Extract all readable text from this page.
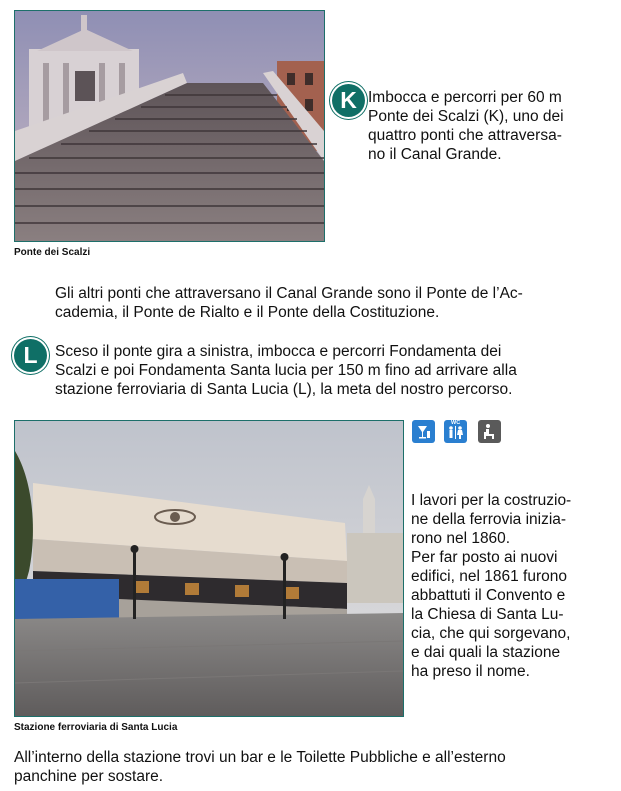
Ponte dei Scalzi
K Imbocca e percorri per 60 m
Ponte dei Scalzi (K), uno dei
quattro ponti che attraversa-
no il Canal Grande.

Gli altri ponti che attraversano il Canal Grande sono il Ponte de l’Ac-
cademia, il Ponte de Rialto e il Ponte della Costituzione.

L Sceso il ponte gira a sinistra, imbocca e percorri Fondamenta dei
Scalzi e poi Fondamenta Santa lucia per 150 m fino ad arrivare alla
stazione ferroviaria di Santa Lucia (L), la meta del nostro percorso.

Stazione ferroviaria di Santa Lucia
WC

I lavori per la costruzio-
ne della ferrovia inizia-
rono nel 1860.
Per far posto ai nuovi
edifici, nel 1861 furono
abbattuti il Convento e
la Chiesa di Santa Lu-
cia, che qui sorgevano,
e dai quali la stazione
ha preso il nome.

All’interno della stazione trovi un bar e le Toilette Pubbliche e all’esterno
panchine per sostare.
